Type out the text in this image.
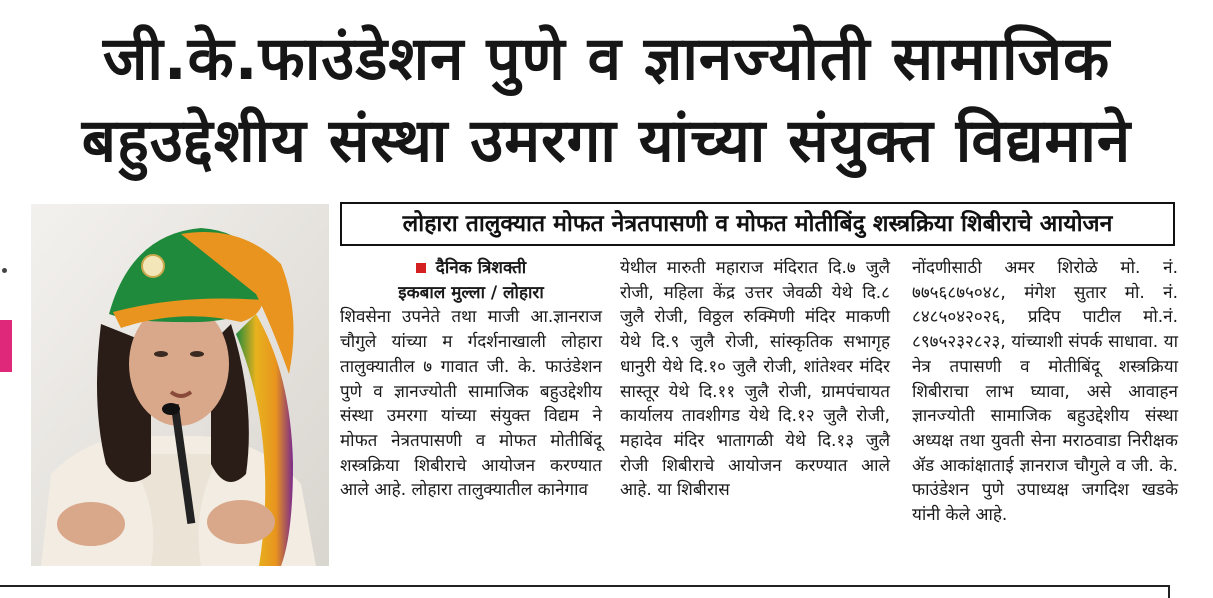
जी.के.फाउंडेशन पुणे व ज्ञानज्योती सामाजिक
बहुउद्देशीय संस्था उमरगा यांच्या संयुक्त विद्यमाने
लोहारा तालुक्यात मोफत नेत्रतपासणी व मोफत मोतीबिंदु शस्त्रक्रिया शिबीराचे आयोजन
दैनिक त्रिशक्ती
इकबाल मुल्ला / लोहारा

शिवसेना उपनेते तथा माजी आ.ज्ञानराज चौगुले यांच्या म र्गदर्शनाखाली लोहारा तालुक्यातील ७ गावात जी. के. फाउंडेशन पुणे व ज्ञानज्योती सामाजिक बहुउद्देशीय संस्था उमरगा यांच्या संयुक्त विद्यम ने मोफत नेत्रतपासणी व मोफत मोतीबिंदू शस्त्रक्रिया शिबीराचे आयोजन करण्यात आले आहे. लोहारा तालुक्यातील कानेगाव

येथील मारुती महाराज मंदिरात दि.७ जुलै रोजी, महिला केंद्र उत्तर जेवळी येथे दि.८ जुलै रोजी, विठ्ठल रुक्मिणी मंदिर माकणी येथे दि.९ जुलै रोजी, सांस्कृतिक सभागृह धानुरी येथे दि.१० जुलै रोजी, शांतेश्वर मंदिर सास्तूर येथे दि.११ जुलै रोजी, ग्रामपंचायत कार्यालय तावशीगड येथे दि.१२ जुलै रोजी, महादेव मंदिर भातागळी येथे दि.१३ जुलै रोजी शिबीराचे आयोजन करण्यात आले आहे. या शिबीरास

नोंदणीसाठी अमर शिरोळे मो. नं. ७७५६८७५०४८, मंगेश सुतार मो. नं. ८४८५०४२०२६, प्रदिप पाटील मो.नं. ८९७५२३२८२३, यांच्याशी संपर्क साधावा. या नेत्र तपासणी व मोतीबिंदू शस्त्रक्रिया शिबीराचा लाभ घ्यावा, असे आवाहन ज्ञानज्योती सामाजिक बहुउद्देशीय संस्था अध्यक्ष तथा युवती सेना मराठवाडा निरीक्षक ॲड आकांक्षाताई ज्ञानराज चौगुले व जी. के. फाउंडेशन पुणे उपाध्यक्ष जगदिश खडके यांनी केले आहे.
